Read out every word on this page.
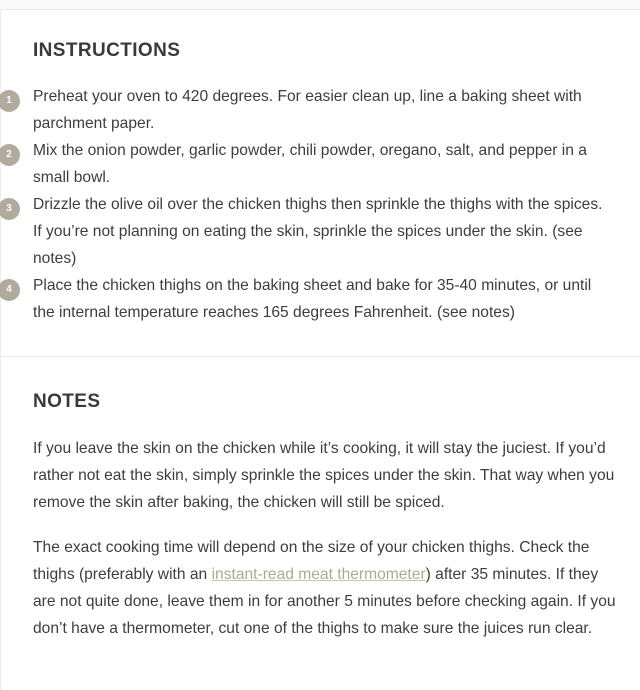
INSTRUCTIONS
1	Preheat your oven to 420 degrees. For easier clean up, line a baking sheet with parchment paper.
2	Mix the onion powder, garlic powder, chili powder, oregano, salt, and pepper in a small bowl.
3	Drizzle the olive oil over the chicken thighs then sprinkle the thighs with the spices. If you’re not planning on eating the skin, sprinkle the spices under the skin. (see notes)
4	Place the chicken thighs on the baking sheet and bake for 35-40 minutes, or until the internal temperature reaches 165 degrees Fahrenheit. (see notes)
NOTES

If you leave the skin on the chicken while it’s cooking, it will stay the juciest. If you’d rather not eat the skin, simply sprinkle the spices under the skin. That way when you remove the skin after baking, the chicken will still be spiced.

The exact cooking time will depend on the size of your chicken thighs. Check the thighs (preferably with an instant-read meat thermometer) after 35 minutes. If they are not quite done, leave them in for another 5 minutes before checking again. If you don’t have a thermometer, cut one of the thighs to make sure the juices run clear.
